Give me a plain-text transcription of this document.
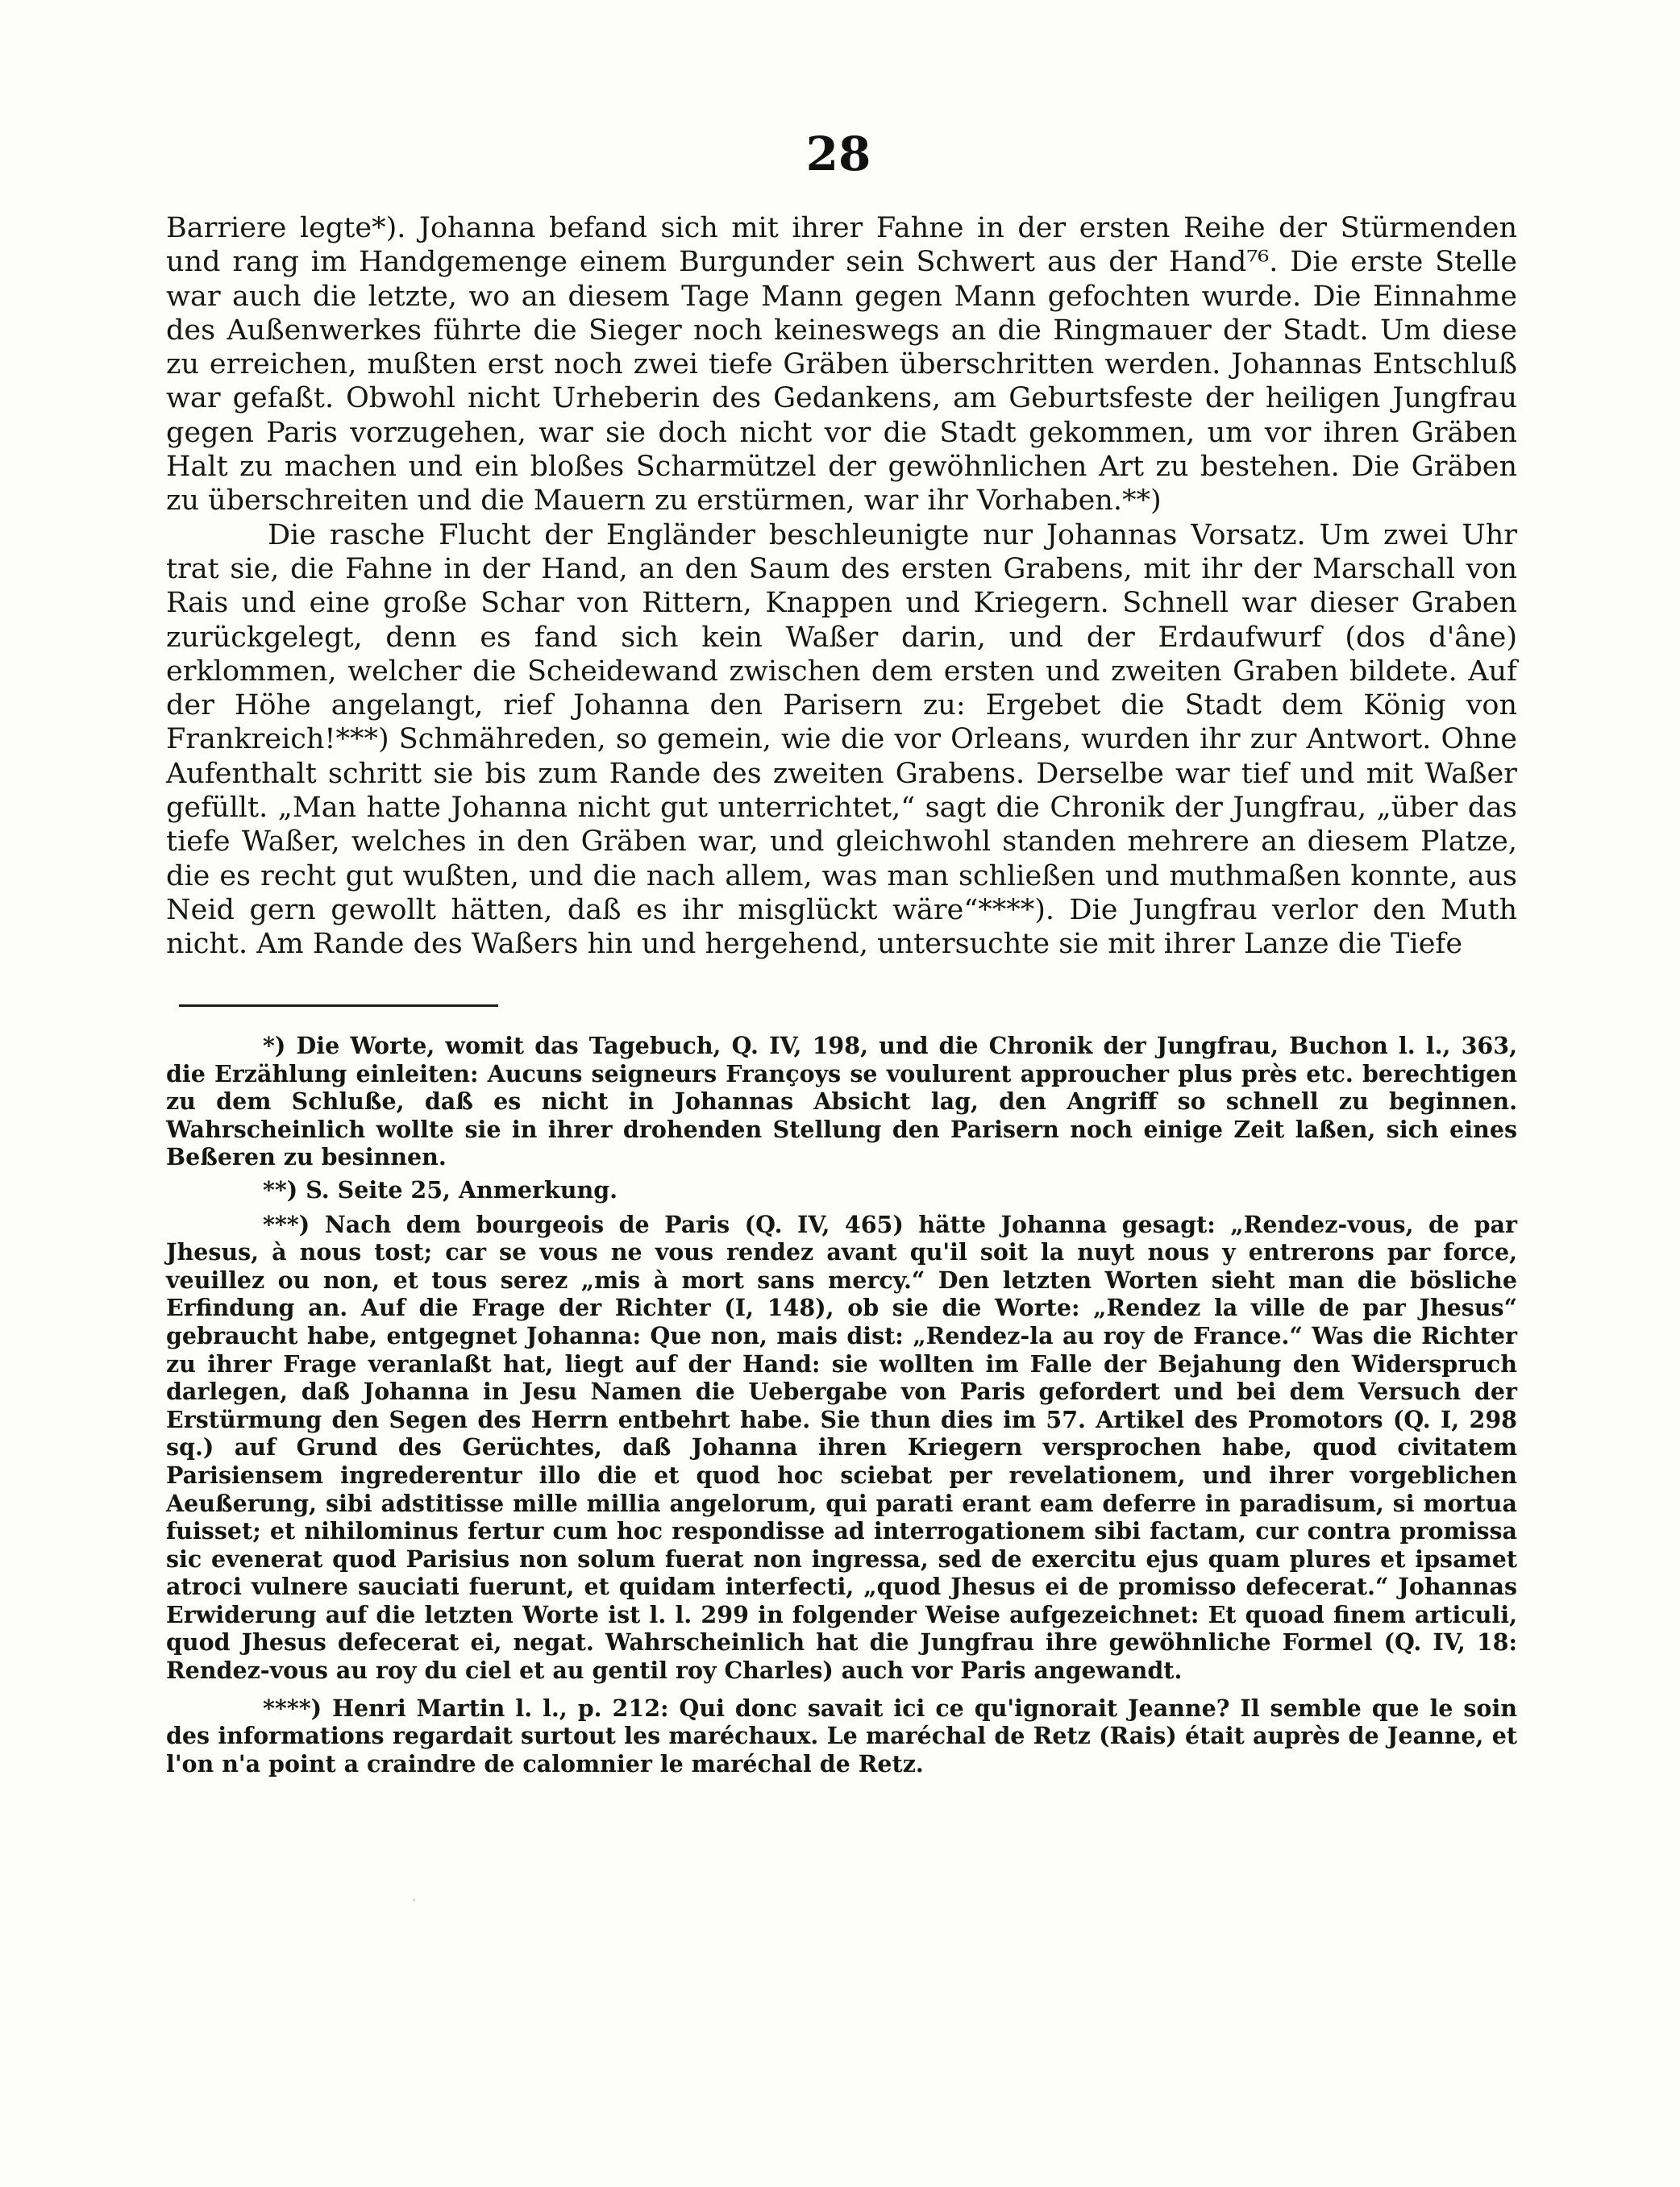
28

Barriere legte*). Johanna befand sich mit ihrer Fahne in der ersten Reihe der Stürmenden und rang im Handgemenge einem Burgunder sein Schwert aus der Hand⁷⁶. Die erste Stelle war auch die letzte, wo an diesem Tage Mann gegen Mann gefochten wurde. Die Einnahme des Außenwerkes führte die Sieger noch keineswegs an die Ringmauer der Stadt. Um diese zu erreichen, mußten erst noch zwei tiefe Gräben überschritten werden. Johannas Entschluß war gefaßt. Obwohl nicht Urheberin des Gedankens, am Geburtsfeste der heiligen Jungfrau gegen Paris vorzugehen, war sie doch nicht vor die Stadt gekommen, um vor ihren Gräben Halt zu machen und ein bloßes Scharmützel der gewöhnlichen Art zu bestehen. Die Gräben zu überschreiten und die Mauern zu erstürmen, war ihr Vorhaben.**)

Die rasche Flucht der Engländer beschleunigte nur Johannas Vorsatz. Um zwei Uhr trat sie, die Fahne in der Hand, an den Saum des ersten Grabens, mit ihr der Marschall von Rais und eine große Schar von Rittern, Knappen und Kriegern. Schnell war dieser Graben zurückgelegt, denn es fand sich kein Waßer darin, und der Erdaufwurf (dos d'âne) erklommen, welcher die Scheidewand zwischen dem ersten und zweiten Graben bildete. Auf der Höhe angelangt, rief Johanna den Parisern zu: Ergebet die Stadt dem König von Frankreich!***) Schmähreden, so gemein, wie die vor Orleans, wurden ihr zur Antwort. Ohne Aufenthalt schritt sie bis zum Rande des zweiten Grabens. Derselbe war tief und mit Waßer gefüllt. „Man hatte Johanna nicht gut unterrichtet,“ sagt die Chronik der Jungfrau, „über das tiefe Waßer, welches in den Gräben war, und gleichwohl standen mehrere an diesem Platze, die es recht gut wußten, und die nach allem, was man schließen und muthmaßen konnte, aus Neid gern gewollt hätten, daß es ihr misglückt wäre“****). Die Jungfrau verlor den Muth nicht. Am Rande des Waßers hin und hergehend, untersuchte sie mit ihrer Lanze die Tiefe

*) Die Worte, womit das Tagebuch, Q. IV, 198, und die Chronik der Jungfrau, Buchon l. l., 363, die Erzählung einleiten: Aucuns seigneurs Françoys se voulurent approucher plus près etc. berechtigen zu dem Schluße, daß es nicht in Johannas Absicht lag, den Angriff so schnell zu beginnen. Wahrscheinlich wollte sie in ihrer drohenden Stellung den Parisern noch einige Zeit laßen, sich eines Beßeren zu besinnen.

**) S. Seite 25, Anmerkung.

***) Nach dem bourgeois de Paris (Q. IV, 465) hätte Johanna gesagt: „Rendez-vous, de par Jhesus, à nous tost; car se vous ne vous rendez avant qu'il soit la nuyt nous y entrerons par force, veuillez ou non, et tous serez „mis à mort sans mercy.“ Den letzten Worten sieht man die bösliche Erfindung an. Auf die Frage der Richter (I, 148), ob sie die Worte: „Rendez la ville de par Jhesus“ gebraucht habe, entgegnet Johanna: Que non, mais dist: „Rendez-la au roy de France.“ Was die Richter zu ihrer Frage veranlaßt hat, liegt auf der Hand: sie wollten im Falle der Bejahung den Widerspruch darlegen, daß Johanna in Jesu Namen die Uebergabe von Paris gefordert und bei dem Versuch der Erstürmung den Segen des Herrn entbehrt habe. Sie thun dies im 57. Artikel des Promotors (Q. I, 298 sq.) auf Grund des Gerüchtes, daß Johanna ihren Kriegern versprochen habe, quod civitatem Parisiensem ingrederentur illo die et quod hoc sciebat per revelationem, und ihrer vorgeblichen Aeußerung, sibi adstitisse mille millia angelorum, qui parati erant eam deferre in paradisum, si mortua fuisset; et nihilominus fertur cum hoc respondisse ad interrogationem sibi factam, cur contra promissa sic evenerat quod Parisius non solum fuerat non ingressa, sed de exercitu ejus quam plures et ipsamet atroci vulnere sauciati fuerunt, et quidam interfecti, „quod Jhesus ei de promisso defecerat.“ Johannas Erwiderung auf die letzten Worte ist l. l. 299 in folgender Weise aufgezeichnet: Et quoad finem articuli, quod Jhesus defecerat ei, negat. Wahrscheinlich hat die Jungfrau ihre gewöhnliche Formel (Q. IV, 18: Rendez-vous au roy du ciel et au gentil roy Charles) auch vor Paris angewandt.

****) Henri Martin l. l., p. 212: Qui donc savait ici ce qu'ignorait Jeanne? Il semble que le soin des informations regardait surtout les maréchaux. Le maréchal de Retz (Rais) était auprès de Jeanne, et l'on n'a point a craindre de calomnier le maréchal de Retz.

·
